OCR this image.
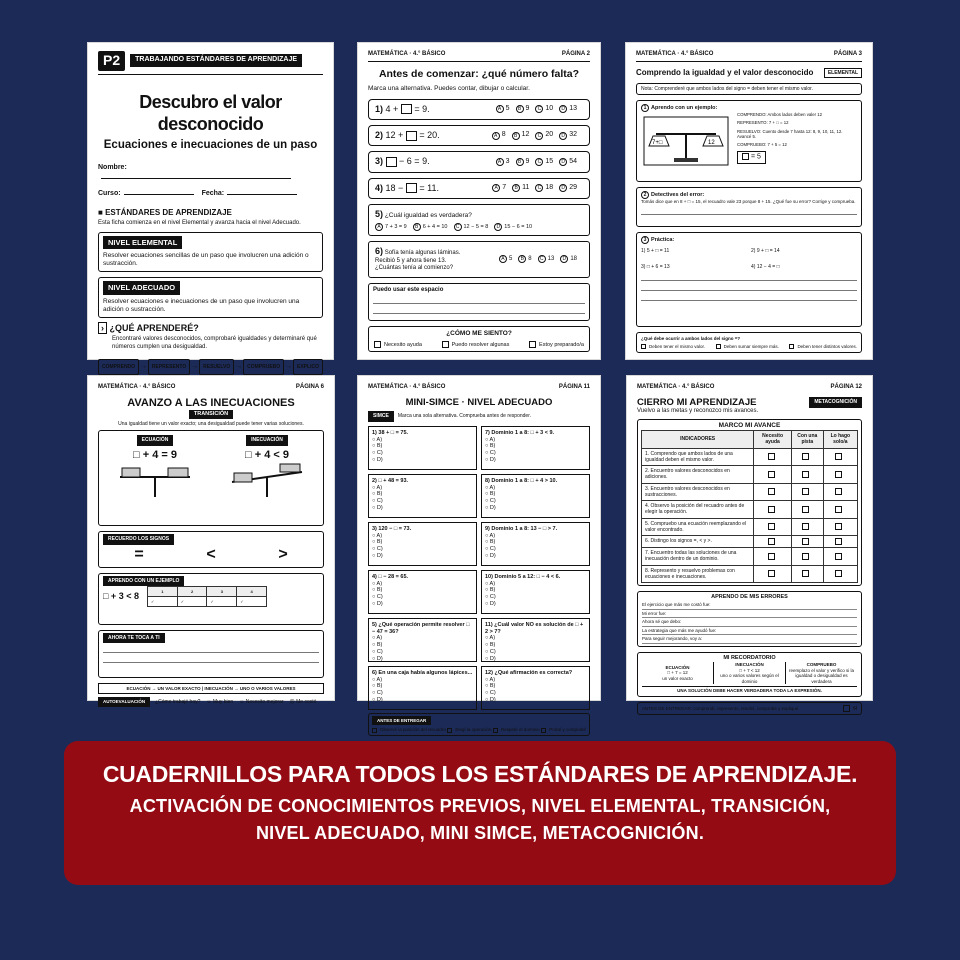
P2	TRABAJANDO ESTÁNDARES DE APRENDIZAJE
Descubro el valor desconocido
Ecuaciones e inecuaciones de un paso
Nombre:
Curso:	Fecha:
■ ESTÁNDARES DE APRENDIZAJE
Esta ficha comienza en el nivel Elemental y avanza hacia el nivel Adecuado.
NIVEL ELEMENTAL
Resolver ecuaciones sencillas de un paso que involucren una adición o sustracción.
NIVEL ADECUADO
Resolver ecuaciones e inecuaciones de un paso que involucren una adición o sustracción.
› ¿QUÉ APRENDERÉ?
Encontraré valores desconocidos, comprobaré igualdades y determinaré qué números cumplen una desigualdad.
COMPRENDO → REPRESENTO → RESUELVO → COMPRUEBO → EXPLICO
MATEMÁTICA · 4.° BÁSICO	PÁGINA 2
Antes de comenzar: ¿qué número falta?
Marca una alternativa. Puedes contar, dibujar o calcular.
1) 4 + = 9.	A 5	B 9	C 10	D 13
2) 12 + = 20.	A 8	B 12	C 20	D 32
3) − 6 = 9.	A 3	B 9	C 15	D 54
4) 18 − = 11.	A 7	B 11	C 18	D 29
5) ¿Cuál igualdad es verdadera?
A 7 + 3 = 9	B 6 + 4 = 10	C 12 − 5 = 8	D 15 − 6 = 10
6) Sofía tenía algunas láminas. Recibió 5 y ahora tiene 13. ¿Cuántas tenía al comienzo?
A 5	B 8	C 13	D 18
Puedo usar este espacio
¿CÓMO ME SIENTO?
Necesito ayuda	Puedo resolver algunas	Estoy preparado/a
MATEMÁTICA · 4.° BÁSICO	PÁGINA 3
Comprendo la igualdad y el valor desconocido	ELEMENTAL
Nota: Comprenderé que ambos lados del signo = deben tener el mismo valor.
1 Aprendo con un ejemplo:
7+□	12
COMPRENDO: Ambos lados deben valer 12
REPRESENTO: 7 + □ = 12
RESUELVO: Cuento desde 7 hasta 12: 8, 9, 10, 11, 12. Avancé 5.
COMPRUEBO: 7 + 5 = 12
= 5
2 Detectives del error:
Tomás dice que en 8 + □ = 15, el recuadro vale 23 porque 8 + 15. ¿Qué fue su error? Corrige y comprueba.
3 Práctica:
1) 5 + □ = 11	2) 9 + □ = 14
3) □ + 6 = 13	4) 12 − 4 = □
¿Qué debe ocurrir a ambos lados del signo =?
Deben tener el mismo valor.	Deben sumar siempre más.	Deben tener distintos valores.
MATEMÁTICA · 4.° BÁSICO	PÁGINA 6
AVANZO A LAS INECUACIONES
TRANSICIÓN
Una igualdad tiene un valor exacto; una desigualdad puede tener varias soluciones.
ECUACIÓN
□ + 4 = 9
INECUACIÓN
□ + 4 < 9
RECUERDO LOS SIGNOS
=	<	>
APRENDO CON UN EJEMPLO
□ + 3 < 8	1	2	3	4
✓	✓	✓	✓
AHORA TE TOCA A TI
ECUACIÓN → UN VALOR EXACTO | INECUACIÓN → UNO O VARIOS VALORES
AUTOEVALUACIÓN	¿Cómo trabajé hoy? ☺ Muy bien ☺ Necesito mejorar ☹ Me costó
MATEMÁTICA · 4.° BÁSICO	PÁGINA 11
MINI-SIMCE · NIVEL ADECUADO
SIMCE	Marca una sola alternativa. Comprueba antes de responder.
1) 38 + □ = 75.
○ A)
○ B)
○ C)
○ D)
7) Dominio 1 a 8: □ + 3 < 9.
○ A)
○ B)
○ C)
○ D)
2) □ + 48 = 93.
○ A)
○ B)
○ C)
○ D)
8) Dominio 1 a 8: □ + 4 > 10.
○ A)
○ B)
○ C)
○ D)
3) 120 − □ = 73.
○ A)
○ B)
○ C)
○ D)
9) Dominio 1 a 8: 13 − □ > 7.
○ A)
○ B)
○ C)
○ D)
4) □ − 28 = 65.
○ A)
○ B)
○ C)
○ D)
10) Dominio 5 a 12: □ − 4 < 6.
○ A)
○ B)
○ C)
○ D)
5) ¿Qué operación permite resolver □ − 47 = 36?
○ A)
○ B)
○ C)
○ D)
11) ¿Cuál valor NO es solución de □ + 2 > 7?
○ A)
○ B)
○ C)
○ D)
6) En una caja había algunos lápices...
○ A)
○ B)
○ C)
○ D)
12) ¿Qué afirmación es correcta?
○ A)
○ B)
○ C)
○ D)
ANTES DE ENTREGAR
Observé la posición del recuadro	Elegí la operación	Respeté el dominio	Probé y comprobé
MATEMÁTICA · 4.° BÁSICO	PÁGINA 12
CIERRO MI APRENDIZAJE	METACOGNICIÓN
Vuelvo a las metas y reconozco mis avances.
MARCO MI AVANCE
INDICADORES	Necesito ayuda	Con una pista	Lo hago solo/a
1. Comprendo que ambos lados de una igualdad deben el mismo valor.			
2. Encuentro valores desconocidos en adiciones.			
3. Encuentro valores desconocidos en sustracciones.			
4. Observo la posición del recuadro antes de elegir la operación.			
5. Compruebo una ecuación reemplazando el valor encontrado.			
6. Distingo los signos =, < y >.			
7. Encuentro todas las soluciones de una inecuación dentro de un dominio.			
8. Represento y resuelvo problemas con ecuaciones e inecuaciones.			
APRENDO DE MIS ERRORES
El ejercicio que más me costó fue:
Mi error fue:
Ahora sé que debo:
La estrategia que más me ayudó fue:
Para seguir mejorando, voy a:
MI RECORDATORIO
ECUACIÓN
□ + 7 = 12
un valor exacto
INECUACIÓN
□ + 7 < 12
uno o varios valores según el dominio
COMPRUEBO
reemplazo el valor y verifico si la igualdad o desigualdad es verdadera
UNA SOLUCIÓN DEBE HACER VERDADERA TODA LA EXPRESIÓN.
ANTES DE ENTREGAR: comprendí, represento, resolví, comprobé y expliqué.	SÍ
CUADERNILLOS PARA TODOS LOS ESTÁNDARES DE APRENDIZAJE.
ACTIVACIÓN DE CONOCIMIENTOS PREVIOS, NIVEL ELEMENTAL, TRANSICIÓN,
NIVEL ADECUADO, MINI SIMCE, METACOGNICIÓN.
